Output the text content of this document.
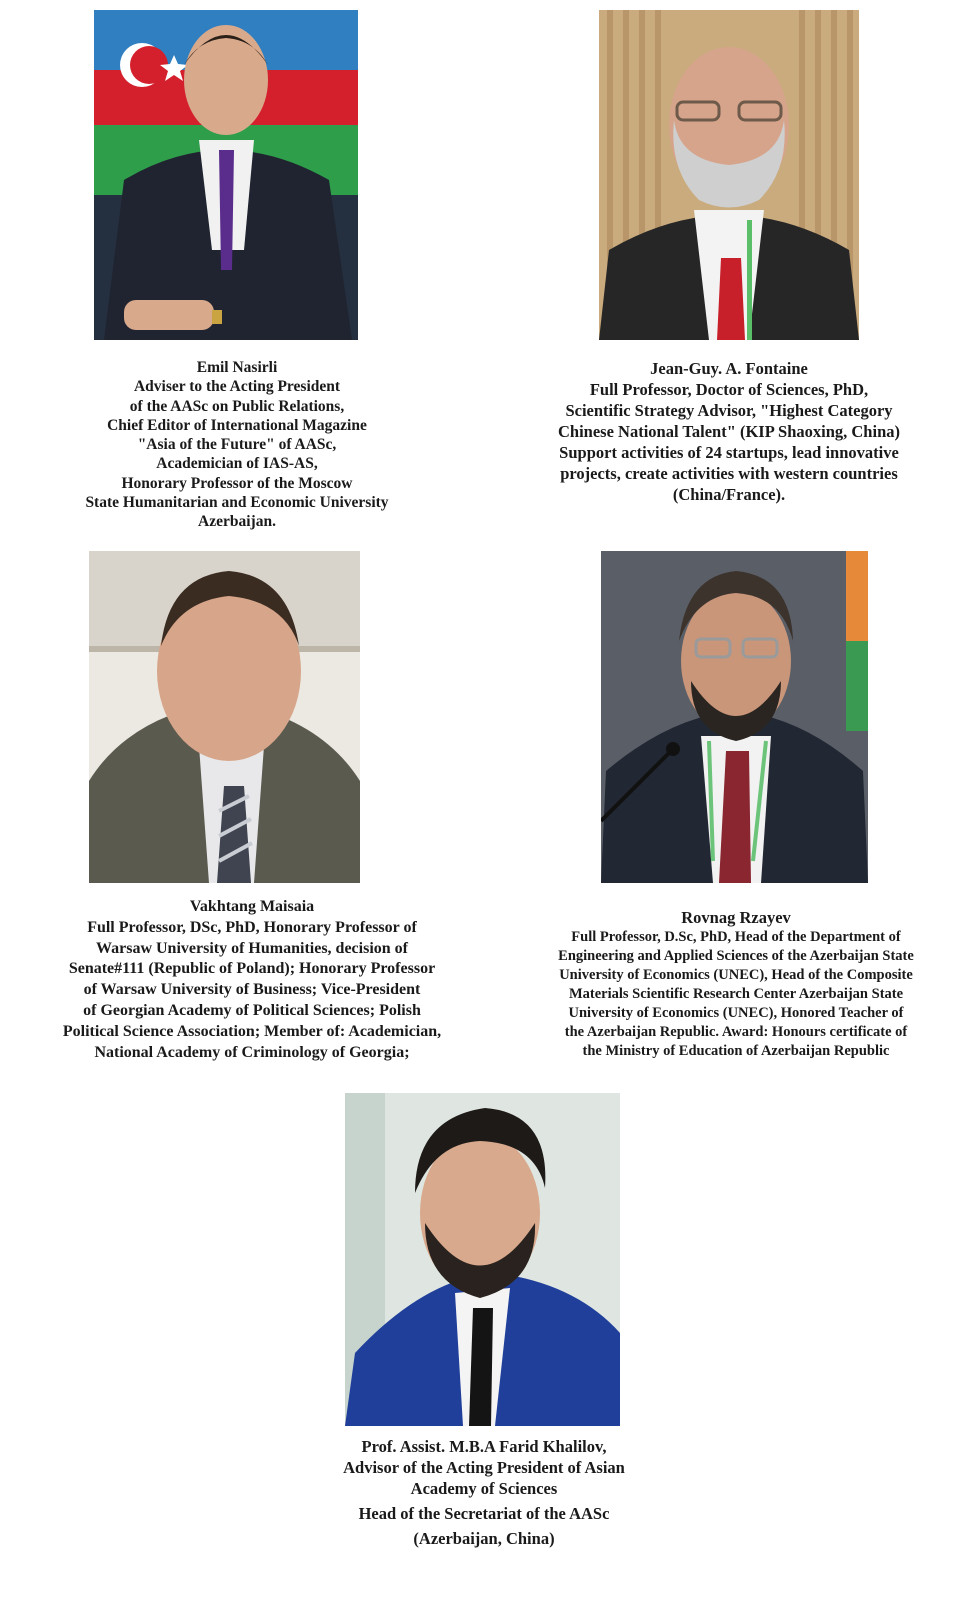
Emil Nasirli
Adviser to the Acting President
of the AASc on Public Relations,
Chief Editor of International Magazine
"Asia of the Future" of AASc,
Academician of IAS-AS,
Honorary Professor of the Moscow
State Humanitarian and Economic University
Azerbaijan.
Jean-Guy. A. Fontaine
Full Professor, Doctor of Sciences, PhD,
Scientific Strategy Advisor, "Highest Category
Chinese National Talent" (KIP Shaoxing, China)
Support activities of 24 startups, lead innovative
projects, create activities with western countries
(China/France).
Vakhtang Maisaia
Full Professor, DSc, PhD, Honorary Professor of
Warsaw University of Humanities, decision of
Senate#111 (Republic of Poland); Honorary Professor
of Warsaw University of Business; Vice-President
of Georgian Academy of Political Sciences; Polish
Political Science Association; Member of: Academician,
National Academy of Criminology of Georgia;
Rovnag Rzayev
Full Professor, D.Sc, PhD, Head of the Department of
Engineering and Applied Sciences of the Azerbaijan State
University of Economics (UNEC), Head of the Composite
Materials Scientific Research Center Azerbaijan State
University of Economics (UNEC), Honored Teacher of
the Azerbaijan Republic. Award: Honours certificate of
the Ministry of Education of Azerbaijan Republic
Prof. Assist. M.B.A Farid Khalilov,
Advisor of the Acting President of Asian
Academy of Sciences
Head of the Secretariat of the AASc
(Azerbaijan, China)
